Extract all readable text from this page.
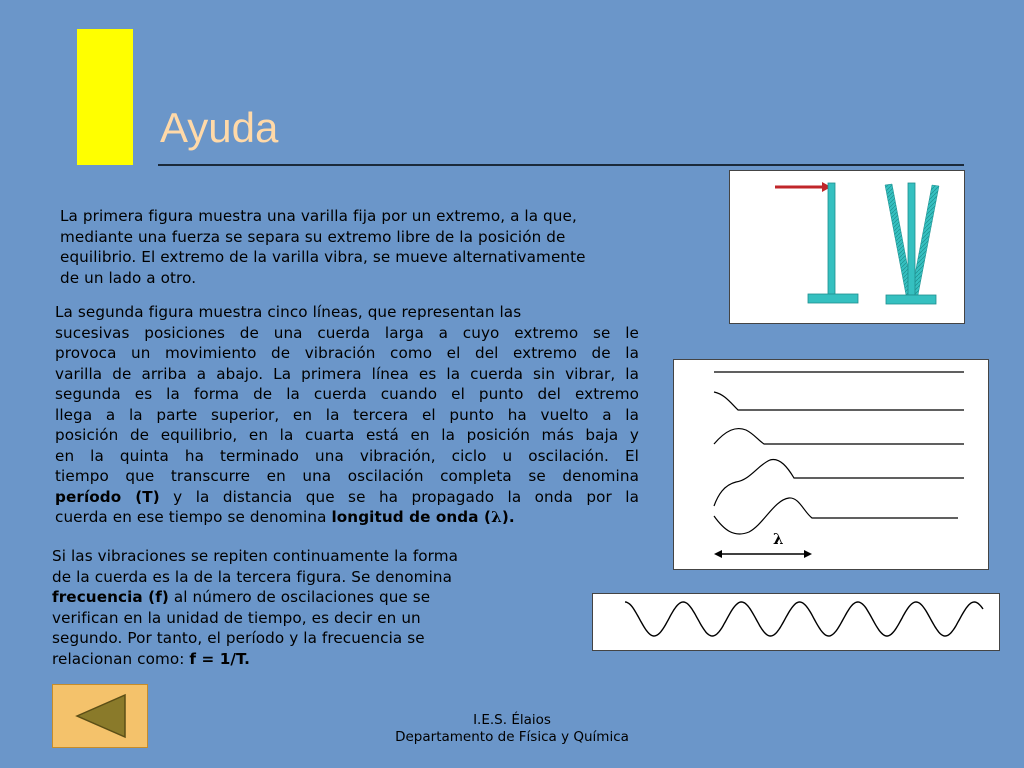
Ayuda
La primera figura muestra una varilla fija por un extremo, a la que,
mediante una fuerza se separa su extremo libre de la posición de
equilibrio. El extremo de la varilla vibra, se mueve alternativamente
de un lado a otro.
La segunda figura muestra cinco líneas, que representan las
sucesivas posiciones de una cuerda larga a cuyo extremo se le
provoca un movimiento de vibración como el del extremo de la
varilla de arriba a abajo. La primera línea es la cuerda sin vibrar, la
segunda es la forma de la cuerda cuando el punto del extremo
llega a la parte superior, en la tercera el punto ha vuelto a la
posición de equilibrio, en la cuarta está en la posición más baja y
en la quinta ha terminado una vibración, ciclo u oscilación. El
tiempo que transcurre en una oscilación completa se denomina
período (T) y la distancia que se ha propagado la onda por la
cuerda en ese tiempo se denomina longitud de onda (λ).
Si las vibraciones se repiten continuamente la forma
de la cuerda es la de la tercera figura. Se denomina
frecuencia (f) al número de oscilaciones que se
verifican en la unidad de tiempo, es decir en un
segundo. Por tanto, el período y la frecuencia se
relacionan como: f = 1/T.
λ
I.E.S. Élaios
Departamento de Física y Química
